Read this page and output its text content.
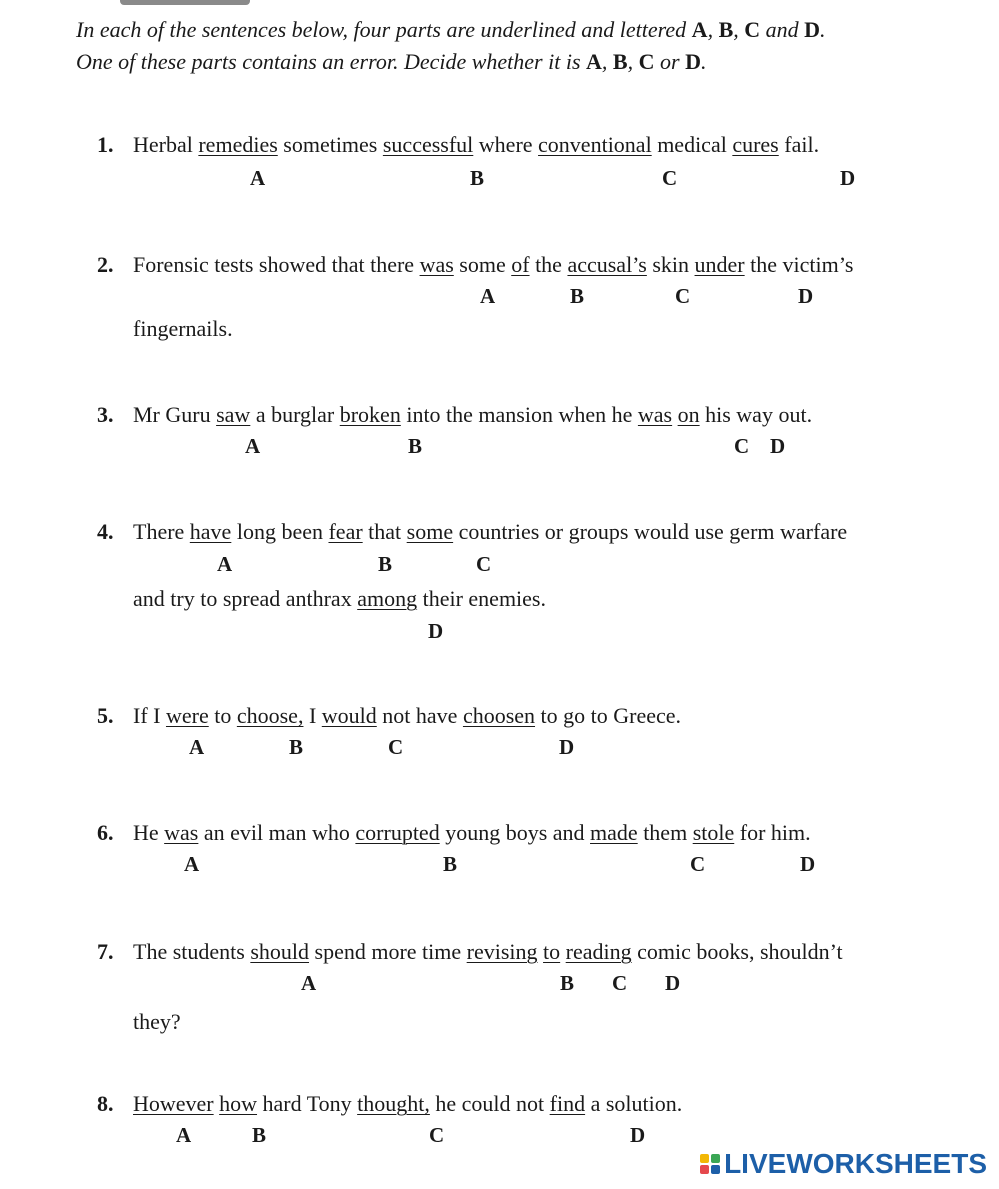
In each of the sentences below, four parts are underlined and lettered A, B, C and D.
One of these parts contains an error. Decide whether it is A, B, C or D.
1. Herbal remedies sometimes successful where conventional medical cures fail.
A	B	C	D
2. Forensic tests showed that there was some of the accusal’s skin under the victim’s
fingernails.
A	B	C	D
3. Mr Guru saw a burglar broken into the mansion when he was on his way out.
A	B	C D
4. There have long been fear that some countries or groups would use germ warfare
and try to spread anthrax among their enemies.
A	B	C
D
5. If I were to choose, I would not have choosen to go to Greece.
A	B	C	D
6. He was an evil man who corrupted young boys and made them stole for him.
A	B	C	D
7. The students should spend more time revising to reading comic books, shouldn’t
they?
A	B C D
8. However how hard Tony thought, he could not find a solution.
A	B	C	D
LIVEWORKSHEETS
